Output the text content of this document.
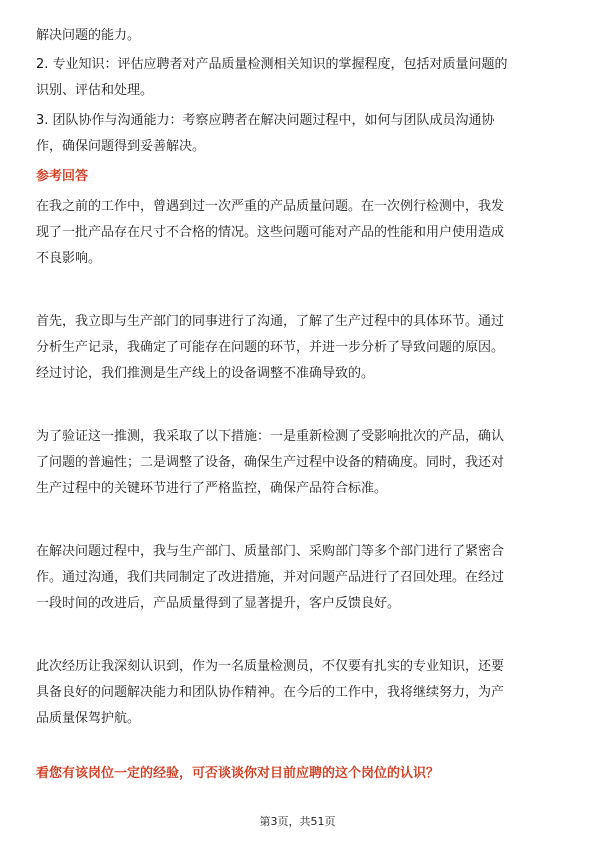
解决问题的能力。
2. 专业知识：评估应聘者对产品质量检测相关知识的掌握程度，包括对质量问题的
识别、评估和处理。
3. 团队协作与沟通能力：考察应聘者在解决问题过程中，如何与团队成员沟通协
作，确保问题得到妥善解决。
参考回答
在我之前的工作中，曾遇到过一次严重的产品质量问题。在一次例行检测中，我发
现了一批产品存在尺寸不合格的情况。这些问题可能对产品的性能和用户使用造成
不良影响。
首先，我立即与生产部门的同事进行了沟通，了解了生产过程中的具体环节。通过
分析生产记录，我确定了可能存在问题的环节，并进一步分析了导致问题的原因。
经过讨论，我们推测是生产线上的设备调整不准确导致的。
为了验证这一推测，我采取了以下措施：一是重新检测了受影响批次的产品，确认
了问题的普遍性；二是调整了设备，确保生产过程中设备的精确度。同时，我还对
生产过程中的关键环节进行了严格监控，确保产品符合标准。
在解决问题过程中，我与生产部门、质量部门、采购部门等多个部门进行了紧密合
作。通过沟通，我们共同制定了改进措施，并对问题产品进行了召回处理。在经过
一段时间的改进后，产品质量得到了显著提升，客户反馈良好。
此次经历让我深刻认识到，作为一名质量检测员，不仅要有扎实的专业知识，还要
具备良好的问题解决能力和团队协作精神。在今后的工作中，我将继续努力，为产
品质量保驾护航。
看您有该岗位一定的经验，可否谈谈你对目前应聘的这个岗位的认识？
第3页，共51页
